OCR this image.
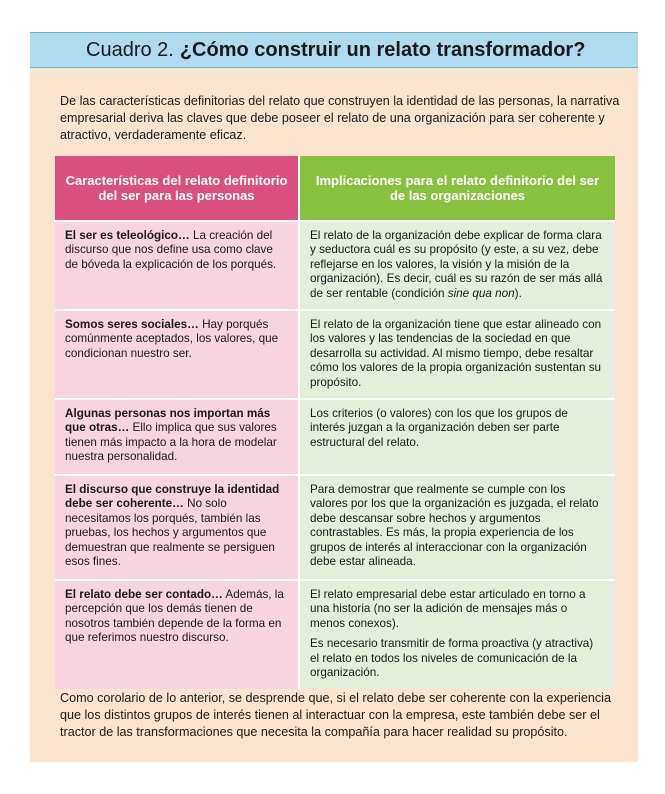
Cuadro 2. ¿Cómo construir un relato transformador?
De las características definitorias del relato que construyen la identidad de las personas, la narrativa empresarial deriva las claves que debe poseer el relato de una organización para ser coherente y atractivo, verdaderamente eficaz.
Características del relato definitorio del ser para las personas	Implicaciones para el relato definitorio del ser de las organizaciones
El ser es teleológico… La creación del discurso que nos define usa como clave de bóveda la explicación de los porqués.	El relato de la organización debe explicar de forma clara y seductora cuál es su propósito (y este, a su vez, debe reflejarse en los valores, la visión y la misión de la organización). Es decir, cuál es su razón de ser más allá de ser rentable (condición sine qua non).

Somos seres sociales… Hay porqués comúnmente aceptados, los valores, que condicionan nuestro ser.	El relato de la organización tiene que estar alineado con los valores y las tendencias de la sociedad en que desarrolla su actividad. Al mismo tiempo, debe resaltar cómo los valores de la propia organización sustentan su propósito.

Algunas personas nos importan más que otras… Ello implica que sus valores tienen más impacto a la hora de modelar nuestra personalidad.	Los criterios (o valores) con los que los grupos de interés juzgan a la organización deben ser parte estructural del relato.

El discurso que construye la identidad debe ser coherente… No solo necesitamos los porqués, también las pruebas, los hechos y argumentos que demuestran que realmente se persiguen esos fines.	Para demostrar que realmente se cumple con los valores por los que la organización es juzgada, el relato debe descansar sobre hechos y argumentos contrastables. Es más, la propia experiencia de los grupos de interés al interaccionar con la organización debe estar alineada.

El relato debe ser contado… Además, la percepción que los demás tienen de nosotros también depende de la forma en que referimos nuestro discurso.	El relato empresarial debe estar articulado en torno a una historia (no ser la adición de mensajes más o menos conexos).

Es necesario transmitir de forma proactiva (y atractiva) el relato en todos los niveles de comunicación de la organización.

Como corolario de lo anterior, se desprende que, si el relato debe ser coherente con la experiencia que los distintos grupos de interés tienen al interactuar con la empresa, este también debe ser el tractor de las transformaciones que necesita la compañía para hacer realidad su propósito.
